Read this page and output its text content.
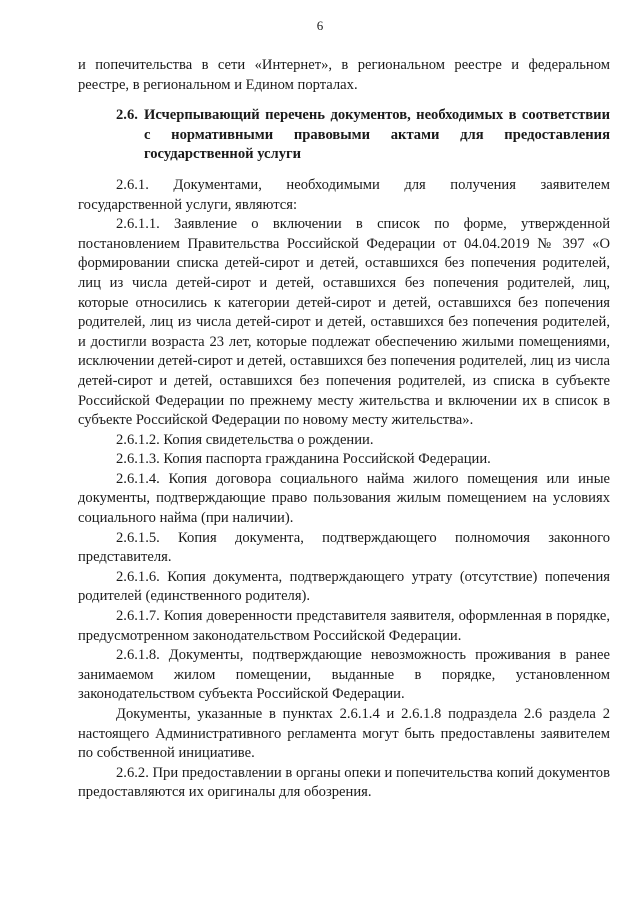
6

и попечительства в сети «Интернет», в региональном реестре и федеральном реестре, в региональном и Едином порталах.

2.6. Исчерпывающий перечень документов, необходимых в соответствии с нормативными правовыми актами для предоставления государственной услуги

2.6.1. Документами, необходимыми для получения заявителем государственной услуги, являются:

2.6.1.1. Заявление о включении в список по форме, утвержденной постановлением Правительства Российской Федерации от 04.04.2019 № 397 «О формировании списка детей-сирот и детей, оставшихся без попечения родителей, лиц из числа детей-сирот и детей, оставшихся без попечения родителей, лиц, которые относились к категории детей-сирот и детей, оставшихся без попечения родителей, лиц из числа детей-сирот и детей, оставшихся без попечения родителей, и достигли возраста 23 лет, которые подлежат обеспечению жилыми помещениями, исключении детей-сирот и детей, оставшихся без попечения родителей, лиц из числа детей-сирот и детей, оставшихся без попечения родителей, из списка в субъекте Российской Федерации по прежнему месту жительства и включении их в список в субъекте Российской Федерации по новому месту жительства».

2.6.1.2. Копия свидетельства о рождении.

2.6.1.3. Копия паспорта гражданина Российской Федерации.

2.6.1.4. Копия договора социального найма жилого помещения или иные документы, подтверждающие право пользования жилым помещением на условиях социального найма (при наличии).

2.6.1.5. Копия документа, подтверждающего полномочия законного представителя.

2.6.1.6. Копия документа, подтверждающего утрату (отсутствие) попечения родителей (единственного родителя).

2.6.1.7. Копия доверенности представителя заявителя, оформленная в порядке, предусмотренном законодательством Российской Федерации.

2.6.1.8. Документы, подтверждающие невозможность проживания в ранее занимаемом жилом помещении, выданные в порядке, установленном законодательством субъекта Российской Федерации.

Документы, указанные в пунктах 2.6.1.4 и 2.6.1.8 подраздела 2.6 раздела 2 настоящего Административного регламента могут быть предоставлены заявителем по собственной инициативе.

2.6.2. При предоставлении в органы опеки и попечительства копий документов предоставляются их оригиналы для обозрения.
